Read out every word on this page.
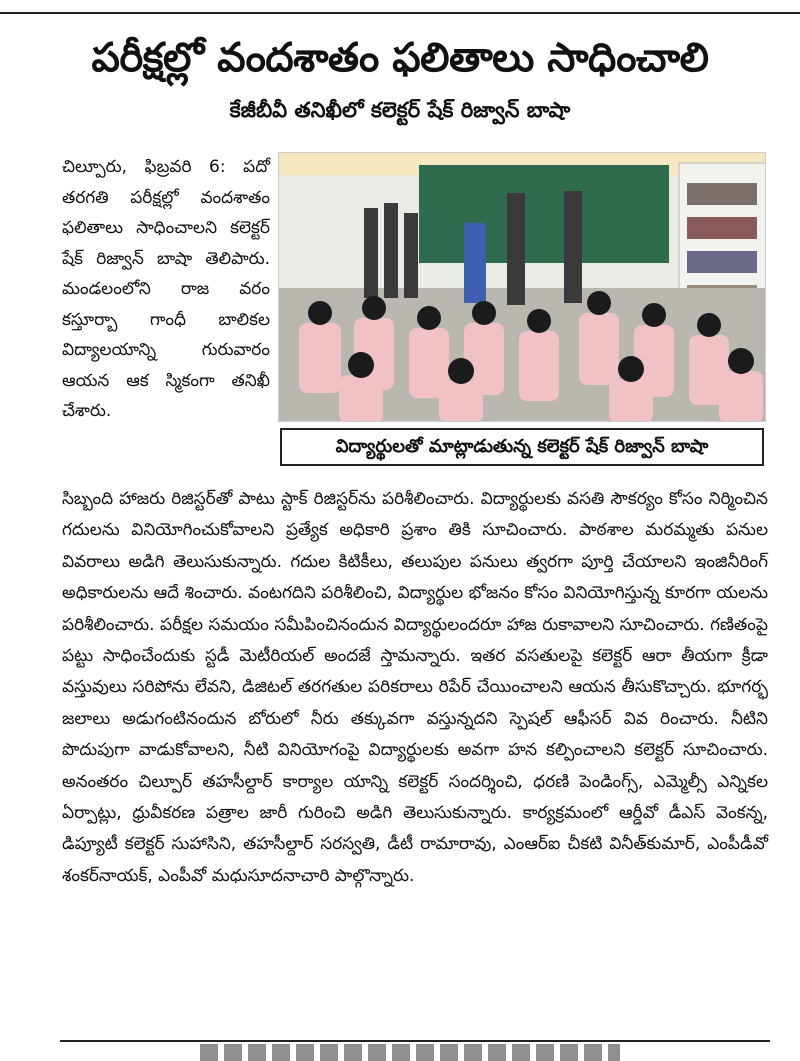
పరీక్షల్లో వందశాతం ఫలితాలు సాధించాలి
కేజీబీవీ తనిఖీలో కలెక్టర్‌ షేక్‌ రిజ్వాన్‌ బాషా

చిల్పూరు, ఫిబ్రవరి 6: పదో తరగతి పరీక్షల్లో వందశాతం ఫలితాలు సాధించాలని కలెక్టర్‌ షేక్‌ రిజ్వాన్‌ బాషా తెలిపారు. మండలంలోని రాజ వరం కస్తూర్బా గాంధీ బాలికల విద్యాలయాన్ని గురువారం ఆయన ఆక స్మికంగా తనిఖీ చేశారు.

విద్యార్థులతో మాట్లాడుతున్న కలెక్టర్‌ షేక్‌ రిజ్వాన్‌ బాషా

సిబ్బంది హాజరు రిజిస్టర్‌తో పాటు స్టాక్‌ రిజిస్టర్‌ను పరిశీలించారు. విద్యార్థులకు వసతి సౌకర్యం కోసం నిర్మించిన గదులను వినియోగించుకోవాలని ప్రత్యేక అధికారి ప్రశాం తికి సూచించారు. పాఠశాల మరమ్మతు పనుల వివరాలు అడిగి తెలుసుకున్నారు. గదుల కిటికీలు, తలుపుల పనులు త్వరగా పూర్తి చేయాలని ఇంజినీరింగ్‌ అధికారులను ఆదే శించారు. వంటగదిని పరిశీలించి, విద్యార్థుల భోజనం కోసం వినియోగిస్తున్న కూరగా యలను పరిశీలించారు. పరీక్షల సమయం సమీపించినందున విద్యార్థులందరూ హాజ రుకావాలని సూచించారు. గణితంపై పట్టు సాధించేందుకు స్టడీ మెటీరియల్‌ అందజే స్తామన్నారు. ఇతర వసతులపై కలెక్టర్‌ ఆరా తీయగా క్రీడా వస్తువులు సరిపోను లేవని, డిజిటల్‌ తరగతుల పరికరాలు రిపేర్‌ చేయించాలని ఆయన తీసుకొచ్చారు. భూగర్భ జలాలు అడుగంటినందున బోరులో నీరు తక్కువగా వస్తున్నదని స్పెషల్‌ ఆఫీసర్‌ వివ రించారు. నీటిని పొదుపుగా వాడుకోవాలని, నీటి వినియోగంపై విద్యార్థులకు అవగా హన కల్పించాలని కలెక్టర్‌ సూచించారు. అనంతరం చిల్పూర్‌ తహసీల్దార్‌ కార్యాల యాన్ని కలెక్టర్‌ సందర్శించి, ధరణి పెండింగ్స్‌, ఎమ్మెల్సీ ఎన్నికల ఏర్పాట్లు, ధ్రువీకరణ పత్రాల జారీ గురించి అడిగి తెలుసుకున్నారు. కార్యక్రమంలో ఆర్డీవో డీఎస్‌ వెంకన్న, డిప్యూటీ కలెక్టర్‌ సుహాసిని, తహసీల్దార్‌ సరస్వతి, డీటీ రామారావు, ఎంఆర్‌ఐ చీకటి వినీత్‌కుమార్‌, ఎంపీడీవో శంకర్‌నాయక్‌, ఎంపీవో మధుసూదనాచారి పాల్గొన్నారు.
